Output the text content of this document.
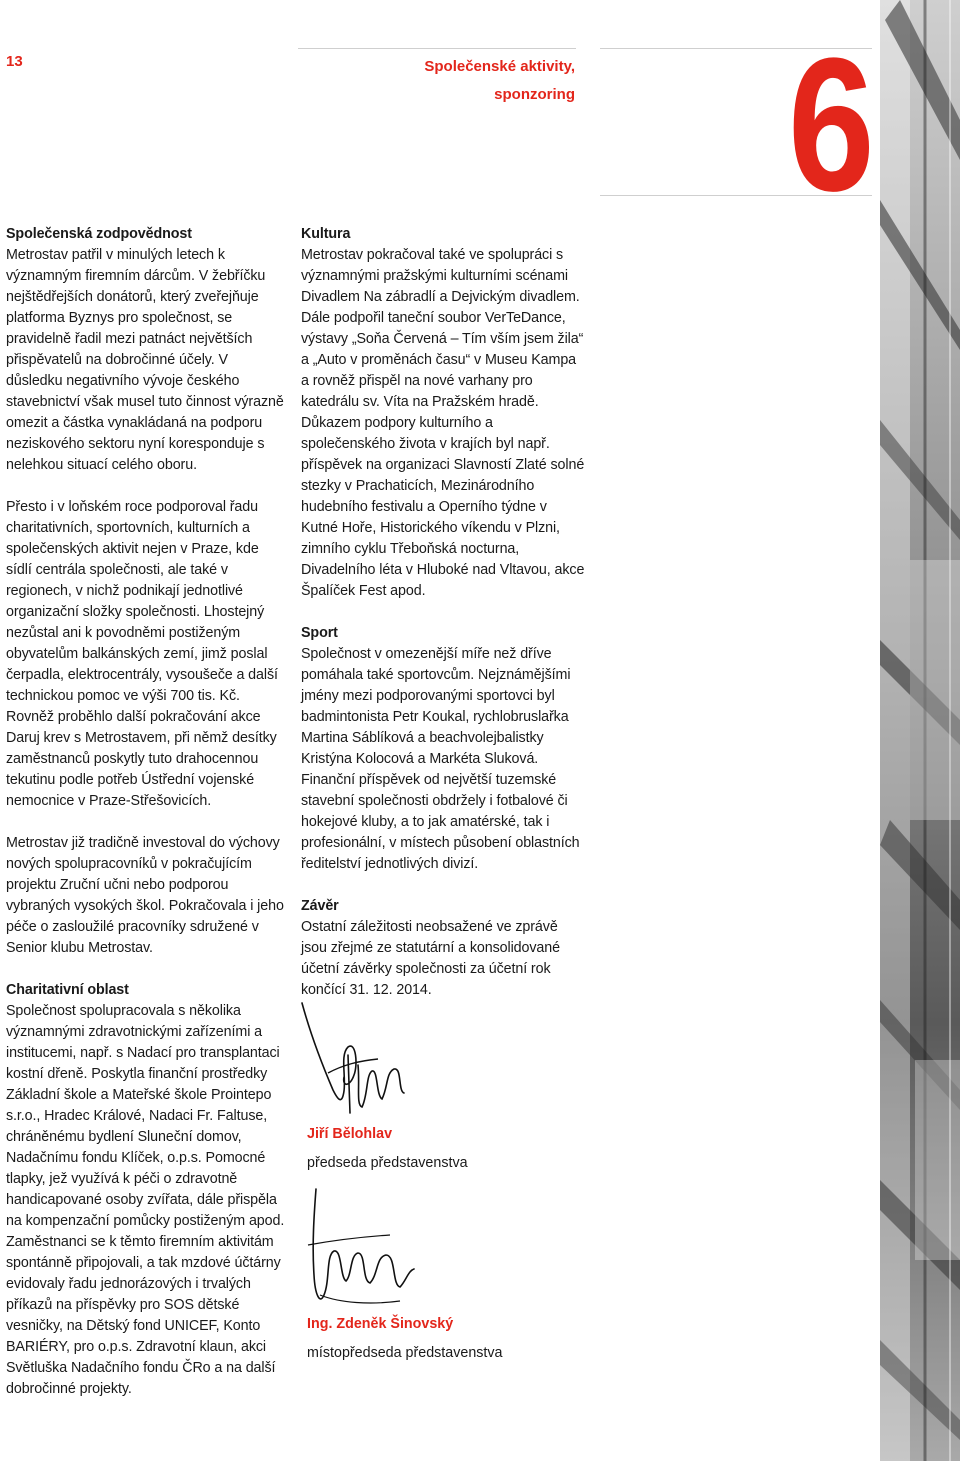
13	Společenské aktivity,
sponzoring 6
Společenská zodpovědnost

Metrostav patřil v minulých letech k významným firemním dárcům. V žebříčku nejštědřejších donátorů, který zveřejňuje platforma Byznys pro společnost, se pravidelně řadil mezi patnáct největších přispěvatelů na dobročinné účely. V důsledku negativního vývoje českého stavebnictví však musel tuto činnost výrazně omezit a částka vynakládaná na podporu neziskového sektoru nyní koresponduje s nelehkou situací celého oboru.

Přesto i v loňském roce podporoval řadu charitativních, sportovních, kulturních a společenských aktivit nejen v Praze, kde sídlí centrála společnosti, ale také v regionech, v nichž podnikají jednotlivé organizační složky společnosti. Lhostejný nezůstal ani k povodněmi postiženým obyvatelům balkánských zemí, jimž poslal čerpadla, elektrocentrály, vysoušeče a další technickou pomoc ve výši 700 tis. Kč. Rovněž proběhlo další pokračování akce Daruj krev s Metrostavem, při němž desítky zaměstnanců poskytly tuto drahocennou tekutinu podle potřeb Ústřední vojenské nemocnice v Praze-Střešovicích.

Metrostav již tradičně investoval do výchovy nových spolupracovníků v pokračujícím projektu Zruční učni nebo podporou vybraných vysokých škol. Pokračovala i jeho péče o zasloužilé pracovníky sdružené v Senior klubu Metrostav.

Charitativní oblast

Společnost spolupracovala s několika významnými zdravotnickými zařízeními a institucemi, např. s Nadací pro transplantaci kostní dřeně. Poskytla finanční prostředky Základní škole a Mateřské škole Prointepo s.r.o., Hradec Králové, Nadaci Fr. Faltuse, chráněnému bydlení Sluneční domov, Nadačnímu fondu Klíček, o.p.s. Pomocné tlapky, jež využívá k péči o zdravotně handicapované osoby zvířata, dále přispěla na kompenzační pomůcky postiženým apod. Zaměstnanci se k těmto firemním aktivitám spontánně připojovali, a tak mzdové účtárny evidovaly řadu jednorázových i trvalých příkazů na příspěvky pro SOS dětské vesničky, na Dětský fond UNICEF, Konto BARIÉRY, pro o.p.s. Zdravotní klaun, akci Světluška Nadačního fondu ČRo a na další dobročinné projekty.

Kultura

Metrostav pokračoval také ve spolupráci s významnými pražskými kulturními scénami Divadlem Na zábradlí a Dejvickým divadlem. Dále podpořil taneční soubor VerTeDance, výstavy „Soňa Červená – Tím vším jsem žila“ a „Auto v proměnách času“ v Museu Kampa a rovněž přispěl na nové varhany pro katedrálu sv. Víta na Pražském hradě. Důkazem podpory kulturního a společenského života v krajích byl např. příspěvek na organizaci Slavností Zlaté solné stezky v Prachaticích, Mezinárodního hudebního festivalu a Operního týdne v Kutné Hoře, Historického víkendu v Plzni, zimního cyklu Třeboňská nocturna, Divadelního léta v Hluboké nad Vltavou, akce Špalíček Fest apod.

Sport

Společnost v omezenější míře než dříve pomáhala také sportovcům. Nejznámějšími jmény mezi podporovanými sportovci byl badmintonista Petr Koukal, rychlobruslařka Martina Sáblíková a beachvolejbalistky Kristýna Kolocová a Markéta Sluková. Finanční příspěvek od největší tuzemské stavební společnosti obdržely i fotbalové či hokejové kluby, a to jak amatérské, tak i profesionální, v místech působení oblastních ředitelství jednotlivých divizí.

Závěr

Ostatní záležitosti neobsažené ve zprávě jsou zřejmé ze statutární a konsolidované účetní závěrky společnosti za účetní rok končící 31. 12. 2014.

Jiří Bělohlav
předseda představenstva
Ing. Zdeněk Šinovský
místopředseda představenstva
